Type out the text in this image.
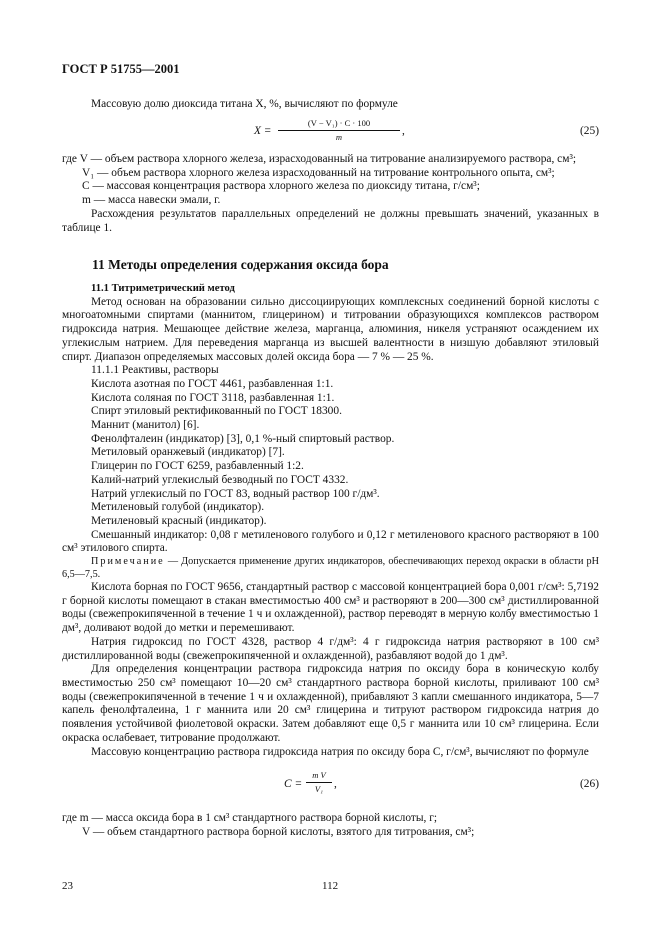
ГОСТ Р 51755—2001

Массовую долю диоксида титана X, %, вычисляют по формуле

X =
(V − V₁) · C · 100
m	,	(25)

где V — объем раствора хлорного железа, израсходованный на титрование анализируемого раствора, см³;

V₁ — объем раствора хлорного железа израсходованный на титрование контрольного опыта, см³;

C — массовая концентрация раствора хлорного железа по диоксиду титана, г/см³;

m — масса навески эмали, г.

Расхождения результатов параллельных определений не должны превышать значений, указанных в таблице 1.

11 Методы определения содержания оксида бора

11.1 Титриметрический метод

Метод основан на образовании сильно диссоциирующих комплексных соединений борной кислоты с многоатомными спиртами (маннитом, глицерином) и титровании образующихся комплексов раствором гидроксида натрия. Мешающее действие железа, марганца, алюминия, никеля устраняют осаждением их углекислым натрием. Для переведения марганца из высшей валентности в низшую добавляют этиловый спирт. Диапазон определяемых массовых долей оксида бора — 7 % — 25 %.

11.1.1 Реактивы, растворы

Кислота азотная по ГОСТ 4461, разбавленная 1:1.

Кислота соляная по ГОСТ 3118, разбавленная 1:1.

Спирт этиловый ректификованный по ГОСТ 18300.

Маннит (манитол) [6].

Фенолфталеин (индикатор) [3], 0,1 %-ный спиртовый раствор.

Метиловый оранжевый (индикатор) [7].

Глицерин по ГОСТ 6259, разбавленный 1:2.

Калий-натрий углекислый безводный по ГОСТ 4332.

Натрий углекислый по ГОСТ 83, водный раствор 100 г/дм³.

Метиленовый голубой (индикатор).

Метиленовый красный (индикатор).

Смешанный индикатор: 0,08 г метиленового голубого и 0,12 г метиленового красного растворяют в 100 см³ этилового спирта.

Примечание — Допускается применение других индикаторов, обеспечивающих переход окраски в области pH 6,5—7,5.

Кислота борная по ГОСТ 9656, стандартный раствор с массовой концентрацией бора 0,001 г/см³: 5,7192 г борной кислоты помещают в стакан вместимостью 400 см³ и растворяют в 200—300 см³ дистиллированной воды (свежепрокипяченной в течение 1 ч и охлажденной), раствор переводят в мерную колбу вместимостью 1 дм³, доливают водой до метки и перемешивают.

Натрия гидроксид по ГОСТ 4328, раствор 4 г/дм³: 4 г гидроксида натрия растворяют в 100 см³ дистиллированной воды (свежепрокипяченной и охлажденной), разбавляют водой до 1 дм³.

Для определения концентрации раствора гидроксида натрия по оксиду бора в коническую колбу вместимостью 250 см³ помещают 10—20 см³ стандартного раствора борной кислоты, приливают 100 см³ воды (свежепрокипяченной в течение 1 ч и охлажденной), прибавляют 3 капли смешанного индикатора, 5—7 капель фенолфталеина, 1 г маннита или 20 см³ глицерина и титруют раствором гидроксида натрия до появления устойчивой фиолетовой окраски. Затем добавляют еще 0,5 г маннита или 10 см³ глицерина. Если окраска ослабевает, титрование продолжают.

Массовую концентрацию раствора гидроксида натрия по оксиду бора C, г/см³, вычисляют по формуле

C =
m V
V₁ ,	(26)

где m — масса оксида бора в 1 см³ стандартного раствора борной кислоты, г;

V — объем стандартного раствора борной кислоты, взятого для титрования, см³;

23	112
